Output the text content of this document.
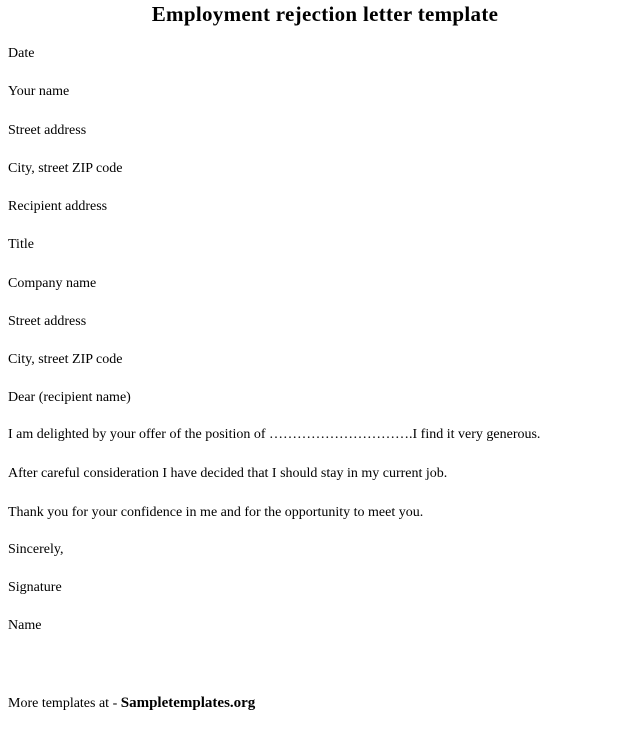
Employment rejection letter template
Date
Your name
Street address
City, street ZIP code
Recipient address
Title
Company name
Street address
City, street ZIP code
Dear (recipient name)
I am delighted by your offer of the position of ………………………….I find it very generous.
After careful consideration I have decided that I should stay in my current job.
Thank you for your confidence in me and for the opportunity to meet you.
Sincerely,
Signature
Name
More templates at - Sampletemplates.org
